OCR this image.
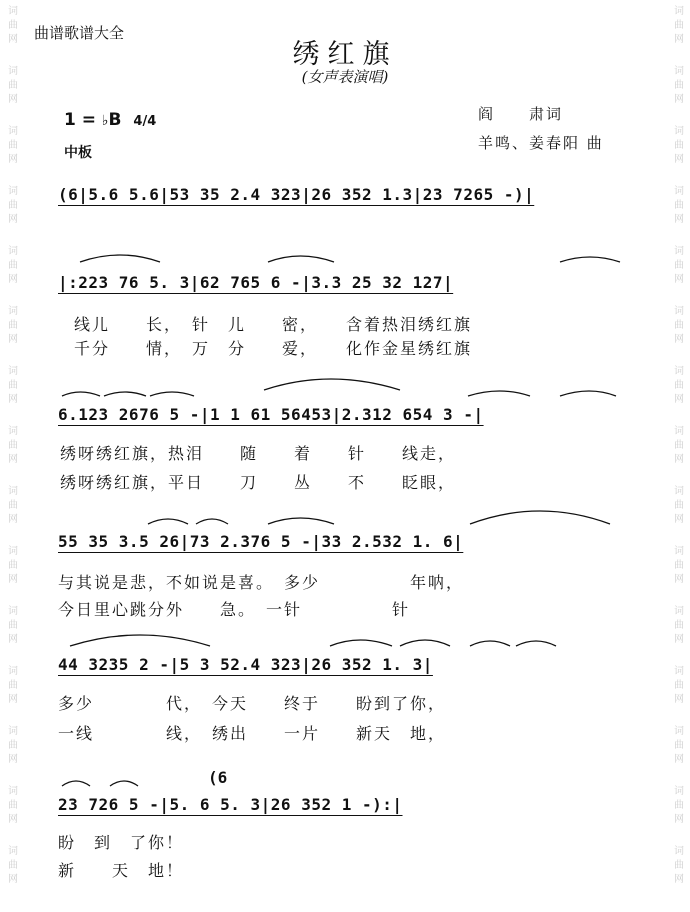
词
曲
网
词
曲
网
词
曲
网
词
曲
网
词
曲
网
词
曲
网
词
曲
网
词
曲
网
词
曲
网
词
曲
网
词
曲
网
词
曲
网
词
曲
网
词
曲
网
词
曲
网
词
曲
网
词
曲
网
词
曲
网
词
曲
网
词
曲
网
词
曲
网
词
曲
网
词
曲
网
词
曲
网
词
曲
网
词
曲
网
词
曲
网
词
曲
网
词
曲
网
词
曲
网
曲谱歌谱大全
绣红旗
(女声表演唱)
1 = ♭B 4/4
中板
阎　　肃词
羊鸣、姜春阳 曲
(6|5.6 5.6|53 35 2.4 323|26 352 1.3|23 7265 -)|
|:223 76 5. 3|62 765 6 -|3.3 25 32 127|
线儿　　长，　针　儿　　密，　　含着热泪绣红旗
千分　　情，　万　分　　爱，　　化作金星绣红旗
6.123 2676 5 -|1 1 61 56453|2.312 654 3 -|
绣呀绣红旗，热泪　　随　　着　　针　　线走，
绣呀绣红旗，平日　　刀　　丛　　不　　眨眼，
55 35 3.5 26|73 2.376 5 -|33 2.532 1. 6|
与其说是悲，不如说是喜。　多少　　　　　年呐，
今日里心跳分外　　急。　一针　　　　　针
44 3235 2 -|5 3 52.4 323|26 352 1. 3|
多少　　　　代，　今天　　终于　　盼到了你，
一线　　　　线，　绣出　　一片　　新天　地，
(6
23 726 5 -|5. 6 5. 3|26 352 1 -):|
盼　到　了你！
新　　天　地！
